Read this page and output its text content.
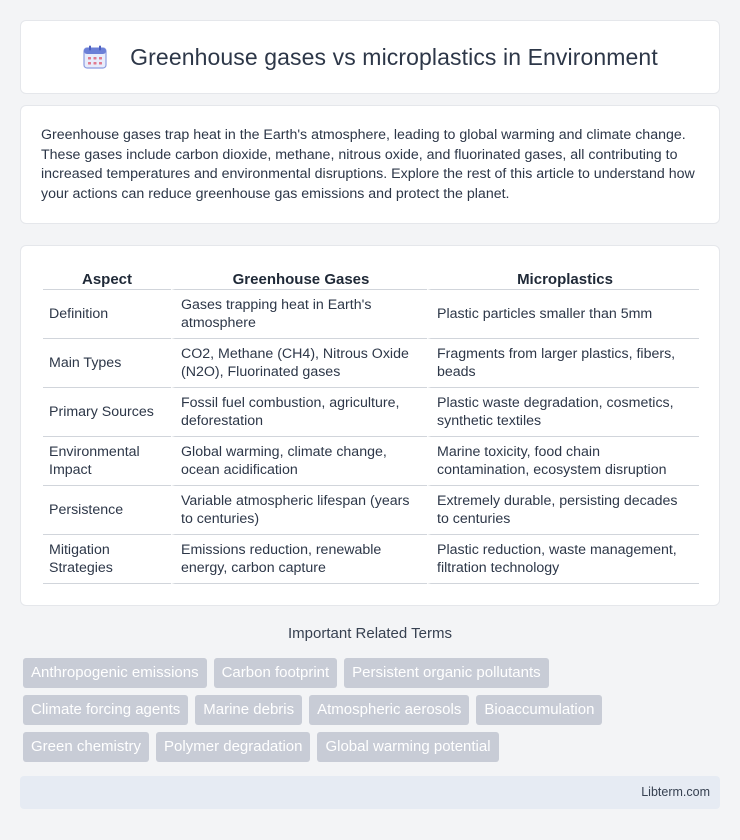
Greenhouse gases vs microplastics in Environment

Greenhouse gases trap heat in the Earth's atmosphere, leading to global warming and climate change. These gases include carbon dioxide, methane, nitrous oxide, and fluorinated gases, all contributing to increased temperatures and environmental disruptions. Explore the rest of this article to understand how your actions can reduce greenhouse gas emissions and protect the planet.

Aspect	Greenhouse Gases	Microplastics
Definition	Gases trapping heat in Earth's atmosphere	Plastic particles smaller than 5mm
Main Types	CO2, Methane (CH4), Nitrous Oxide (N2O), Fluorinated gases	Fragments from larger plastics, fibers, beads
Primary Sources	Fossil fuel combustion, agriculture, deforestation	Plastic waste degradation, cosmetics, synthetic textiles
Environmental Impact	Global warming, climate change, ocean acidification	Marine toxicity, food chain contamination, ecosystem disruption
Persistence	Variable atmospheric lifespan (years to centuries)	Extremely durable, persisting decades to centuries
Mitigation Strategies	Emissions reduction, renewable energy, carbon capture	Plastic reduction, waste management, filtration technology
Important Related Terms
Anthropogenic emissions	Carbon footprint	Persistent organic pollutants
Climate forcing agents	Marine debris	Atmospheric aerosols	Bioaccumulation
Green chemistry	Polymer degradation	Global warming potential
Libterm.com
